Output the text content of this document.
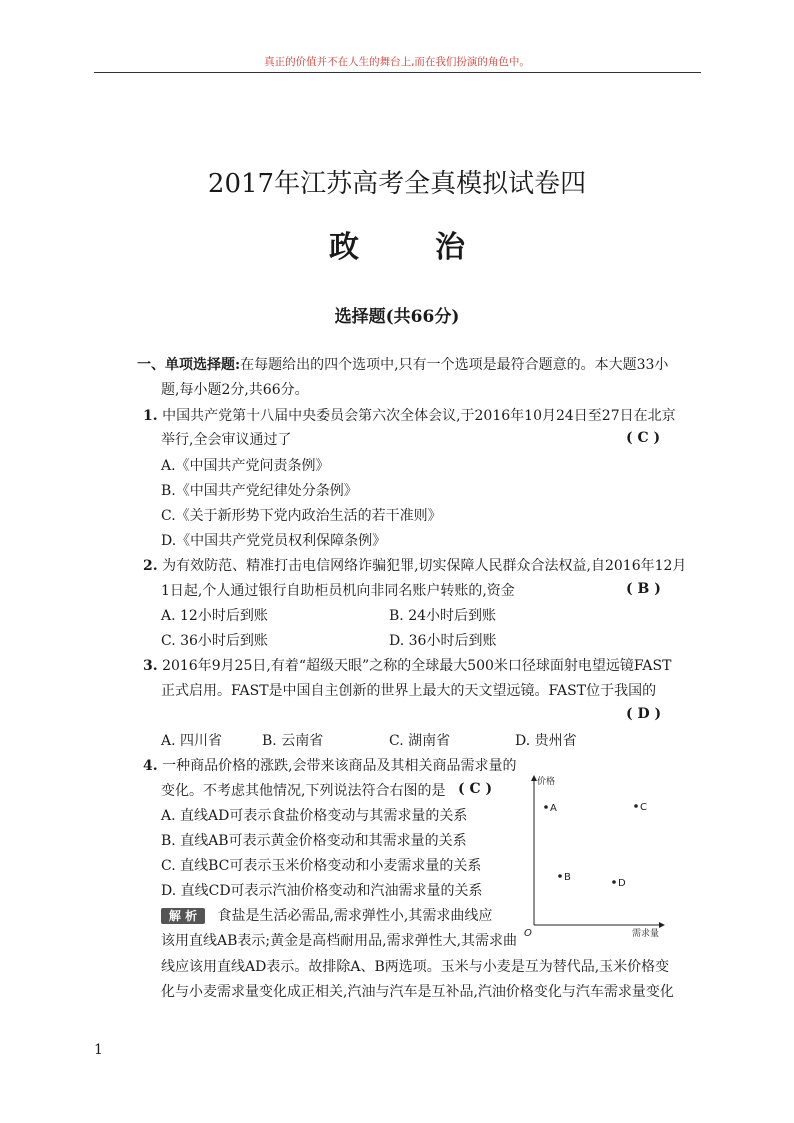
真正的价值并不在人生的舞台上,而在我们扮演的角色中。
2017年江苏高考全真模拟试卷四
政治
选择题(共66分)
一、单项选择题:在每题给出的四个选项中,只有一个选项是最符合题意的。本大题33小
题,每小题2分,共66分。
1. 中国共产党第十八届中央委员会第六次全体会议,于2016年10月24日至27日在北京
举行,全会审议通过了	( C )
A.《中国共产党问责条例》
B.《中国共产党纪律处分条例》
C.《关于新形势下党内政治生活的若干准则》
D.《中国共产党党员权利保障条例》
2. 为有效防范、精准打击电信网络诈骗犯罪,切实保障人民群众合法权益,自2016年12月
1日起,个人通过银行自助柜员机向非同名账户转账的,资金	( B )
A. 12小时后到账	B. 24小时后到账
C. 36小时后到账	D. 36小时后到账
3. 2016年9月25日,有着“超级天眼”之称的全球最大500米口径球面射电望远镜FAST
正式启用。FAST是中国自主创新的世界上最大的天文望远镜。FAST位于我国的
( D )
A. 四川省	B. 云南省	C. 湖南省	D. 贵州省
4. 一种商品价格的涨跌,会带来该商品及其相关商品需求量的
变化。不考虑其他情况,下列说法符合右图的是 ( C )
A. 直线AD可表示食盐价格变动与其需求量的关系
B. 直线AB可表示黄金价格变动和其需求量的关系
C. 直线BC可表示玉米价格变动和小麦需求量的关系
D. 直线CD可表示汽油价格变动和汽油需求量的关系
解 析 食盐是生活必需品,需求弹性小,其需求曲线应
该用直线AB表示;黄金是高档耐用品,需求弹性大,其需求曲
线应该用直线AD表示。故排除A、B两选项。玉米与小麦是互为替代品,玉米价格变
化与小麦需求量变化成正相关,汽油与汽车是互补品,汽油价格变化与汽车需求量变化
价格
需求量
O
A
B
C
D
1
